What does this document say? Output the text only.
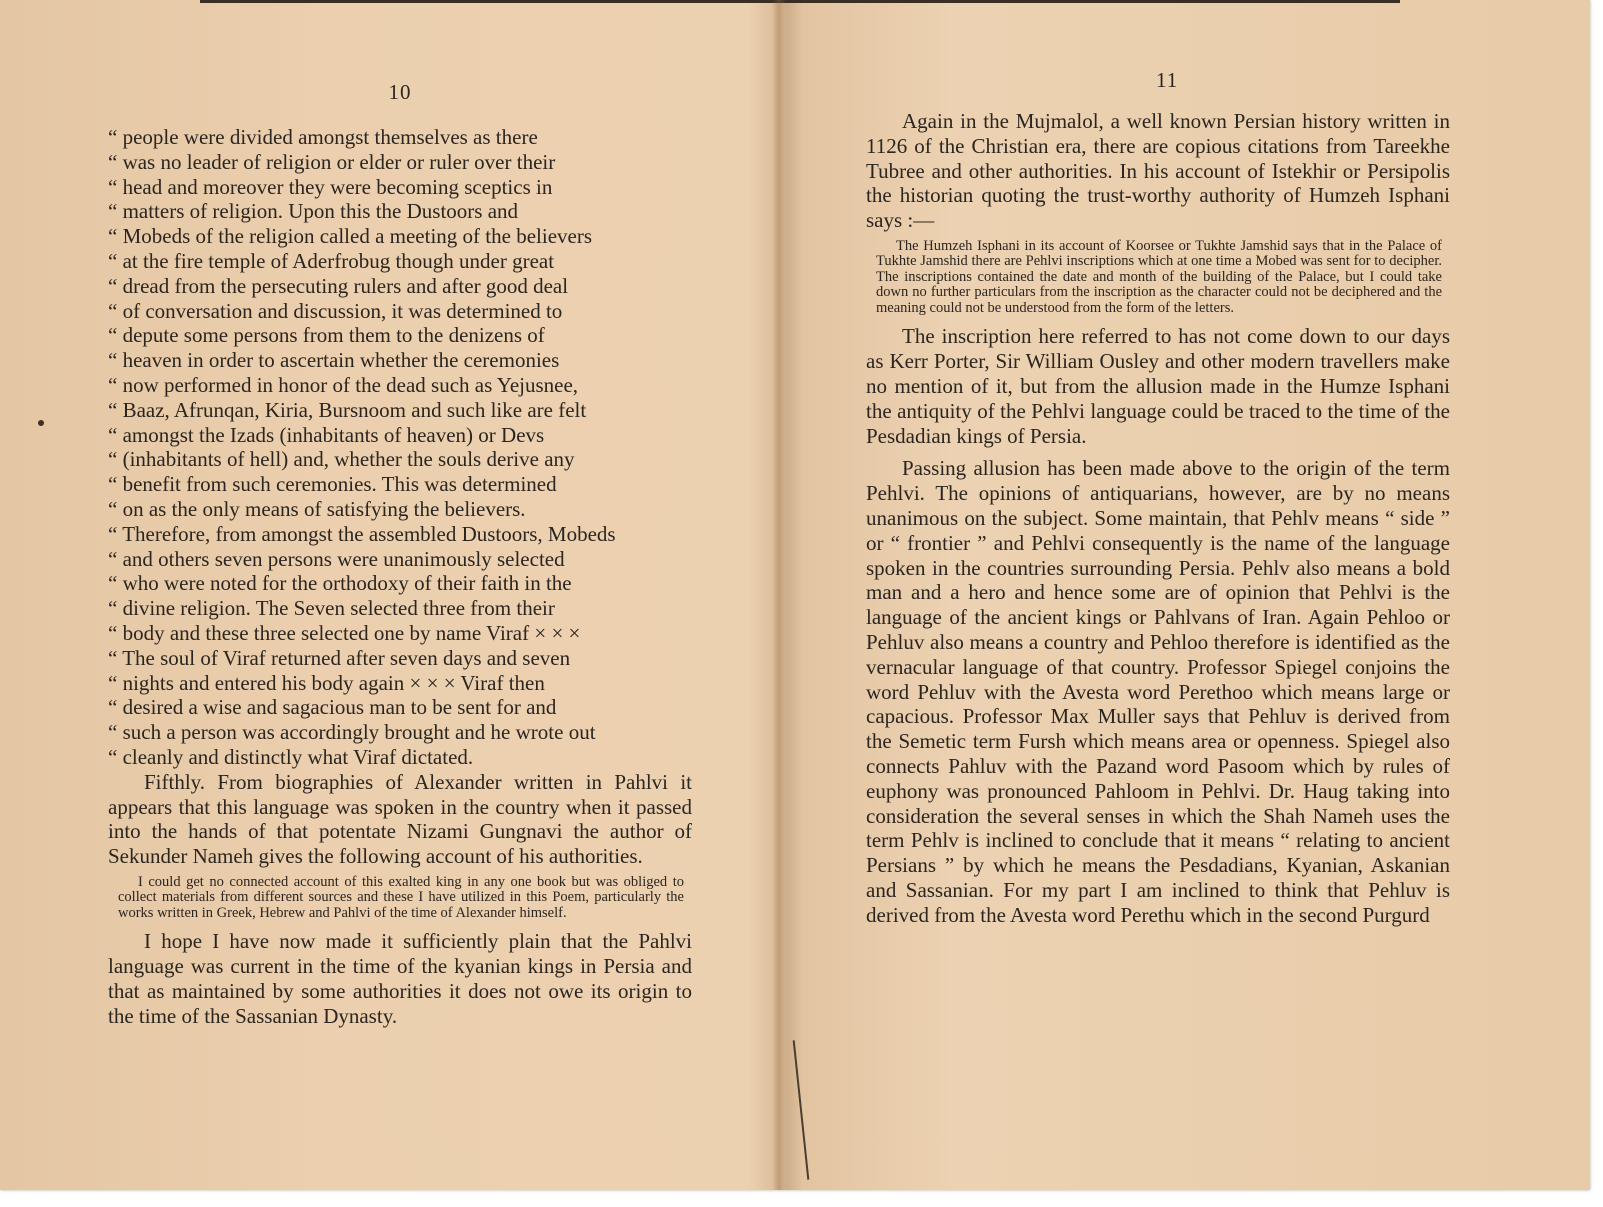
10

“ people were divided amongst themselves as there

“ was no leader of religion or elder or ruler over their

“ head and moreover they were becoming sceptics in

“ matters of religion. Upon this the Dustoors and

“ Mobeds of the religion called a meeting of the believers

“ at the fire temple of Aderfrobug though under great

“ dread from the persecuting rulers and after good deal

“ of conversation and discussion, it was determined to

“ depute some persons from them to the denizens of

“ heaven in order to ascertain whether the ceremonies

“ now performed in honor of the dead such as Yejusnee,

“ Baaz, Afrunqan, Kiria, Bursnoom and such like are felt

“ amongst the Izads (inhabitants of heaven) or Devs

“ (inhabitants of hell) and, whether the souls derive any

“ benefit from such ceremonies. This was determined

“ on as the only means of satisfying the believers.

“ Therefore, from amongst the assembled Dustoors, Mobeds

“ and others seven persons were unanimously selected

“ who were noted for the orthodoxy of their faith in the

“ divine religion. The Seven selected three from their

“ body and these three selected one by name Viraf × × ×

“ The soul of Viraf returned after seven days and seven

“ nights and entered his body again × × × Viraf then

“ desired a wise and sagacious man to be sent for and

“ such a person was accordingly brought and he wrote out

“ cleanly and distinctly what Viraf dictated.

Fifthly. From biographies of Alexander written in Pahlvi it appears that this language was spoken in the country when it passed into the hands of that potentate Nizami Gungnavi the author of Sekunder Nameh gives the following account of his authorities.

I could get no connected account of this exalted king in any one book but was obliged to collect materials from different sources and these I have utilized in this Poem, particularly the works written in Greek, Hebrew and Pahlvi of the time of Alexander himself.

I hope I have now made it sufficiently plain that the Pahlvi language was current in the time of the kyanian kings in Persia and that as maintained by some authorities it does not owe its origin to the time of the Sassanian Dynasty.

11

Again in the Mujmalol, a well known Persian history written in 1126 of the Christian era, there are copious citations from Tareekhe Tubree and other authorities. In his account of Istekhir or Persipolis the historian quoting the trust-worthy authority of Humzeh Isphani says :—

The Humzeh Isphani in its account of Koorsee or Tukhte Jamshid says that in the Palace of Tukhte Jamshid there are Pehlvi inscriptions which at one time a Mobed was sent for to decipher. The inscriptions contained the date and month of the building of the Palace, but I could take down no further particulars from the inscription as the character could not be deciphered and the meaning could not be understood from the form of the letters.

The inscription here referred to has not come down to our days as Kerr Porter, Sir William Ousley and other modern travellers make no mention of it, but from the allusion made in the Humze Isphani the antiquity of the Pehlvi language could be traced to the time of the Pesdadian kings of Persia.

Passing allusion has been made above to the origin of the term Pehlvi. The opinions of antiquarians, however, are by no means unanimous on the subject. Some maintain, that Pehlv means “ side ” or “ frontier ” and Pehlvi consequently is the name of the language spoken in the countries surrounding Persia. Pehlv also means a bold man and a hero and hence some are of opinion that Pehlvi is the language of the ancient kings or Pahlvans of Iran. Again Pehloo or Pehluv also means a country and Pehloo therefore is identified as the vernacular language of that country. Professor Spiegel conjoins the word Pehluv with the Avesta word Perethoo which means large or capacious. Professor Max Muller says that Pehluv is derived from the Semetic term Fursh which means area or openness. Spiegel also connects Pahluv with the Pazand word Pasoom which by rules of euphony was pronounced Pahloom in Pehlvi. Dr. Haug taking into consideration the several senses in which the Shah Nameh uses the term Pehlv is inclined to conclude that it means “ relating to ancient Persians ” by which he means the Pesdadians, Kyanian, Askanian and Sassanian. For my part I am inclined to think that Pehluv is derived from the Avesta word Perethu which in the second Purgurd
